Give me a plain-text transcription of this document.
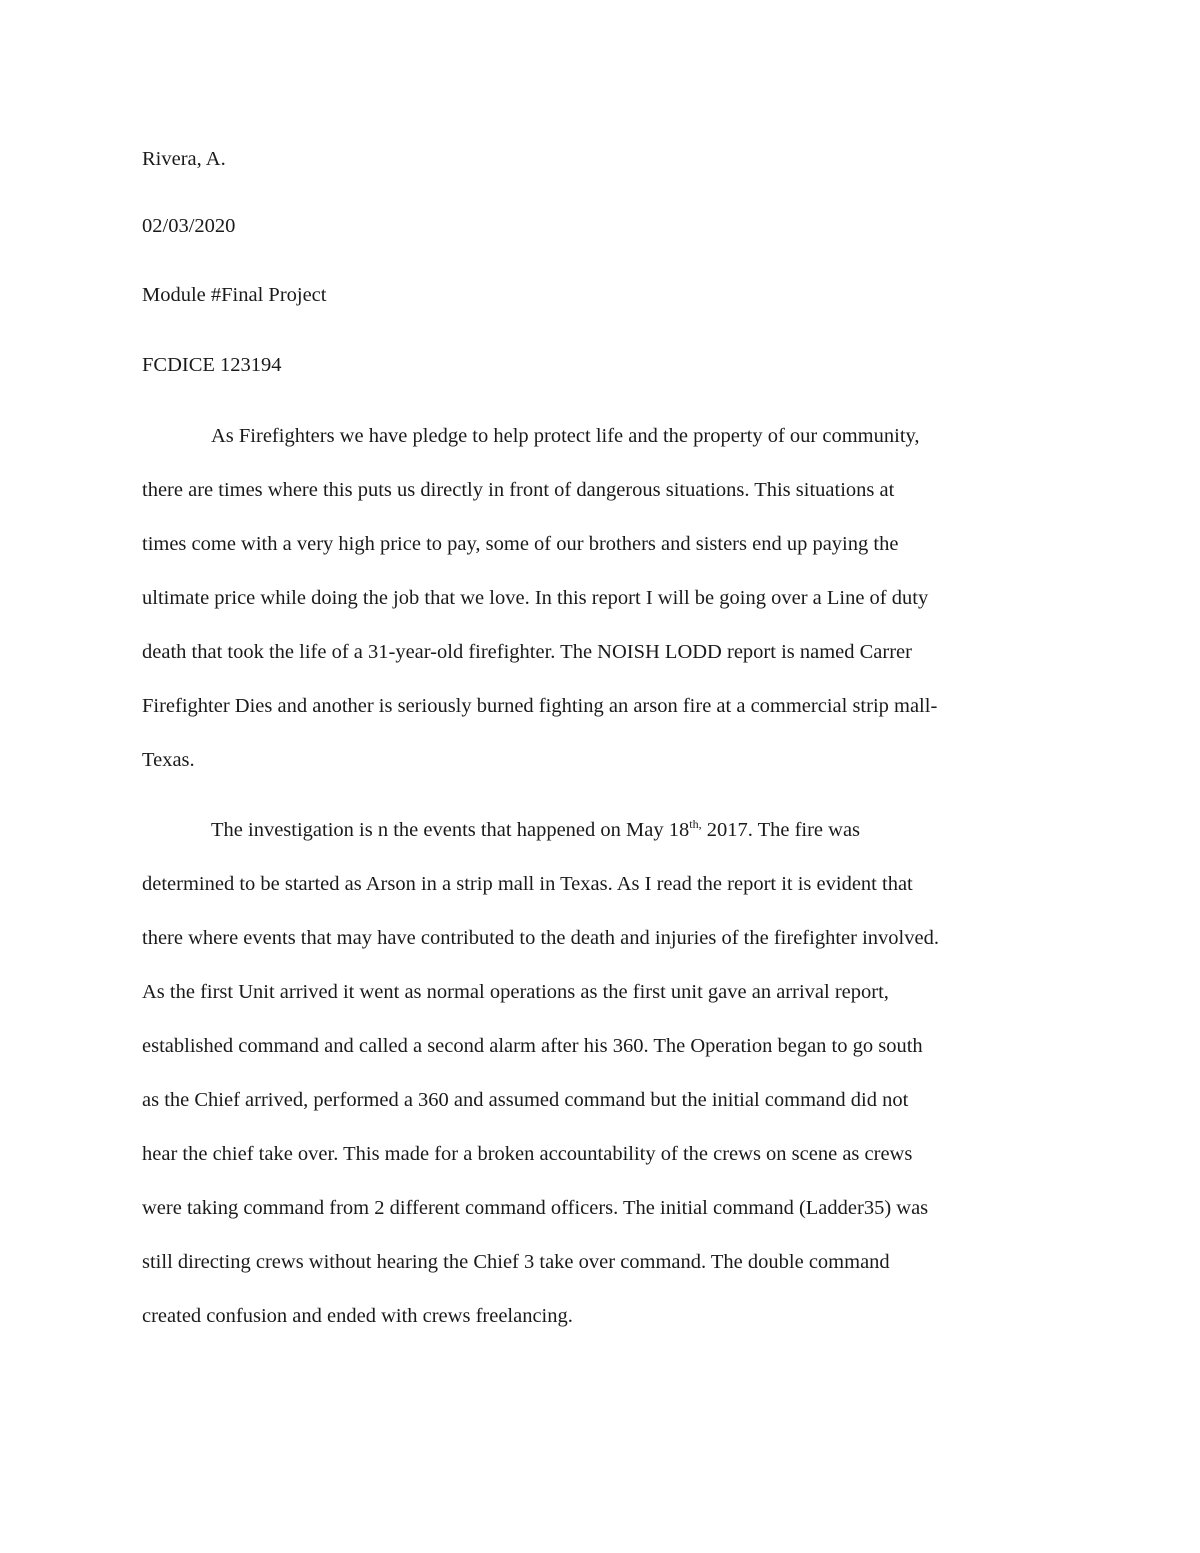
Rivera, A.
02/03/2020
Module #Final Project
FCDICE 123194
As Firefighters we have pledge to help protect life and the property of our community,
there are times where this puts us directly in front of dangerous situations. This situations at
times come with a very high price to pay, some of our brothers and sisters end up paying the
ultimate price while doing the job that we love. In this report I will be going over a Line of duty
death that took the life of a 31-year-old firefighter. The NOISH LODD report is named Carrer
Firefighter Dies and another is seriously burned fighting an arson fire at a commercial strip mall-
Texas.
The investigation is n the events that happened on May $18^{th,}$ 2017. The fire was
determined to be started as Arson in a strip mall in Texas. As I read the report it is evident that
there where events that may have contributed to the death and injuries of the firefighter involved.
As the first Unit arrived it went as normal operations as the first unit gave an arrival report,
established command and called a second alarm after his 360. The Operation began to go south
as the Chief arrived, performed a 360 and assumed command but the initial command did not
hear the chief take over. This made for a broken accountability of the crews on scene as crews
were taking command from 2 different command officers. The initial command (Ladder35) was
still directing crews without hearing the Chief 3 take over command. The double command
created confusion and ended with crews freelancing.
